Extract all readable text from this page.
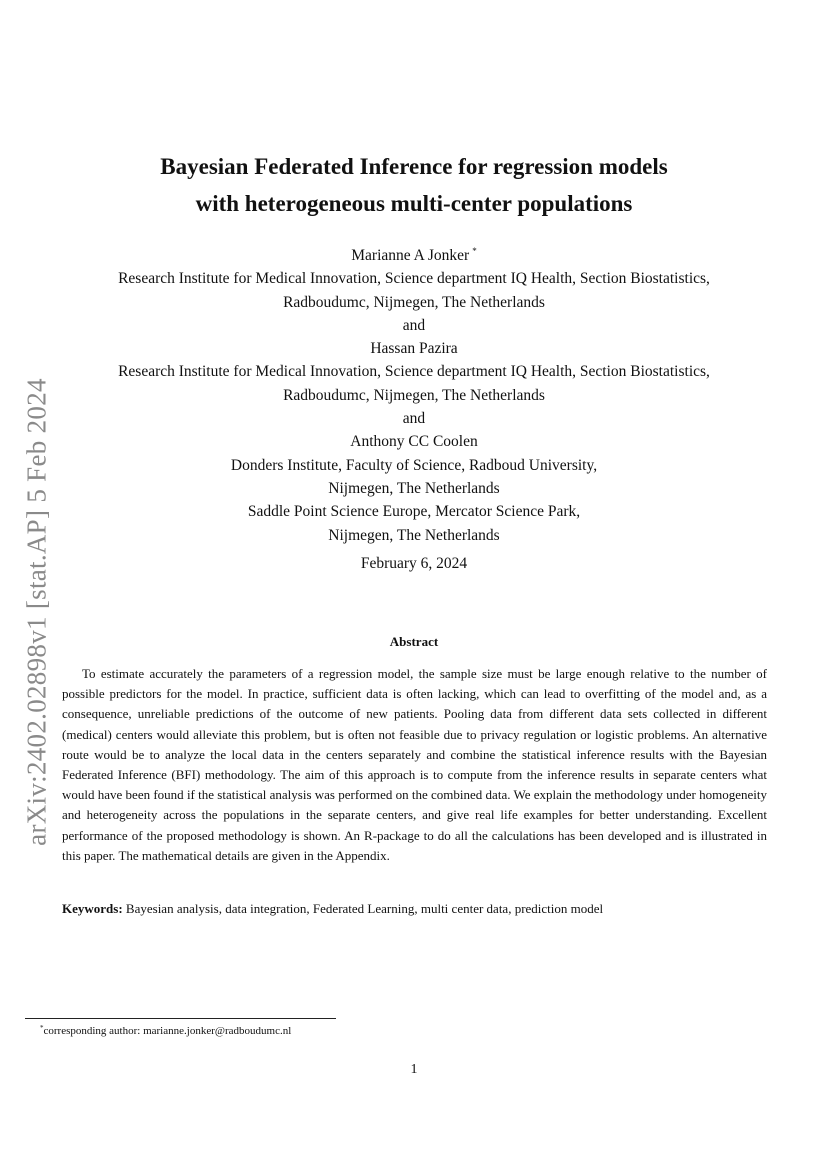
arXiv:2402.02898v1 [stat.AP] 5 Feb 2024
Bayesian Federated Inference for regression models
with heterogeneous multi-center populations
Marianne A Jonker *
Research Institute for Medical Innovation, Science department IQ Health, Section Biostatistics,
Radboudumc, Nijmegen, The Netherlands
and
Hassan Pazira
Research Institute for Medical Innovation, Science department IQ Health, Section Biostatistics,
Radboudumc, Nijmegen, The Netherlands
and
Anthony CC Coolen
Donders Institute, Faculty of Science, Radboud University,
Nijmegen, The Netherlands
Saddle Point Science Europe, Mercator Science Park,
Nijmegen, The Netherlands
February 6, 2024
Abstract

To estimate accurately the parameters of a regression model, the sample size must be large enough relative to the number of possible predictors for the model. In practice, sufficient data is often lacking, which can lead to overfitting of the model and, as a consequence, unreliable predictions of the outcome of new patients. Pooling data from different data sets collected in different (medical) centers would alleviate this problem, but is often not feasible due to privacy regulation or logistic problems. An alternative route would be to analyze the local data in the centers separately and combine the statistical inference results with the Bayesian Federated Inference (BFI) methodology. The aim of this approach is to compute from the inference results in separate centers what would have been found if the statistical analysis was performed on the combined data. We explain the methodology under homogeneity and heterogeneity across the populations in the separate centers, and give real life examples for better understanding. Excellent performance of the proposed methodology is shown. An R-package to do all the calculations has been developed and is illustrated in this paper. The mathematical details are given in the Appendix.

Keywords: Bayesian analysis, data integration, Federated Learning, multi center data, prediction model
*corresponding author: marianne.jonker@radboudumc.nl
1
